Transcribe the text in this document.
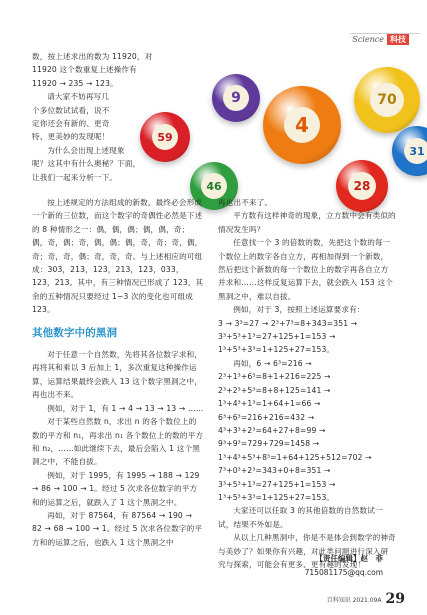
Science 科技
9	70
4
59
46	28
31

数，按上述求出的数为 11920，对

11920 这个数重复上述操作有

11920 → 235 → 123。

请大家不妨再写几

个多位数试试看，说不

定你还会有新的、更奇

特、更美妙的发现呢！

为什么会出现上述现象

呢？这其中有什么奥秘？下面，

让我们一起来分析一下。

按上述规定的方法组成的新数，最终必会形成一个新的三位数，而这个数字的奇偶性必然是下述的 8 种情形之一：偶，偶，偶；偶，偶，奇；偶，奇，偶；奇，偶，偶；偶，奇，奇；奇，偶，奇；奇，奇，偶；奇，奇，奇。与上述相应的可组成：303，213，123，213，123，033，123，213。其中，有三种情况已形成了 123，其余的五种情况只要经过 1~3 次的变化也可组成 123。

其他数字中的黑洞

对于任意一个自然数，先将其各位数字求和，再将其和乘以 3 后加上 1，多次重复这种操作运算，运算结果最终会跌入 13 这个数字黑洞之中，再也出不来。

例如，对于 1，有 1 → 4 → 13 → 13 → ……

对于某些自然数 n，求出 n 的各个数位上的数的平方和 n₁，再求出 n₁ 各个数位上的数的平方和 n₂，……如此继续下去，最后会陷入 1 这个黑洞之中，不能自拔。

例如，对于 1995，有 1995 → 188 → 129 → 86 → 100 → 1。经过 5 次求各位数字的平方和的运算之后，就跌入了 1 这个黑洞之中。

再如，对于 87564，有 87564 → 190 → 82 → 68 → 100 → 1。经过 5 次求各位数字的平方和的运算之后，也跌入 1 这个黑洞之中

再也出不来了。

平方数有这样神奇的现象，立方数中会有类似的情况发生吗？

任意找一个 3 的倍数的数，先把这个数的每一个数位上的数字各自立方，再相加得到一个新数，然后把这个新数的每一个数位上的数字再各自立方并求和……这样反复运算下去，就会跌入 153 这个黑洞之中，难以自拔。

例如，对于 3，按照上述运算要求有：

3 → 3³=27 → 2³+7³=8+343=351 → 3³+5³+1³=27+125+1=153 → 1³+5³+3³=1+125+27=153。

再如，6 → 6³=216 → 2³+1³+6³=8+1+216=225 → 2³+2³+5³=8+8+125=141 → 1³+4³+1³=1+64+1=66 → 6³+6³=216+216=432 → 4³+3³+2³=64+27+8=99 → 9³+9³=729+729=1458 → 1³+4³+5³+8³=1+64+125+512=702 → 7³+0³+2³=343+0+8=351 → 3³+5³+1³=27+125+1=153 → 1³+5³+3³=1+125+27=153。

大家还可以任取 3 的其他倍数的自然数试一试，结果不外如是。

从以上几种黑洞中，你是不是体会到数学的神奇与美妙了？如果你有兴趣，对此类问题进行深入研究与探索，可能会有更多、更有趣的发现！

【责任编辑】赵　菲
715081175@qq.com
百科知识 2021.09A 29
